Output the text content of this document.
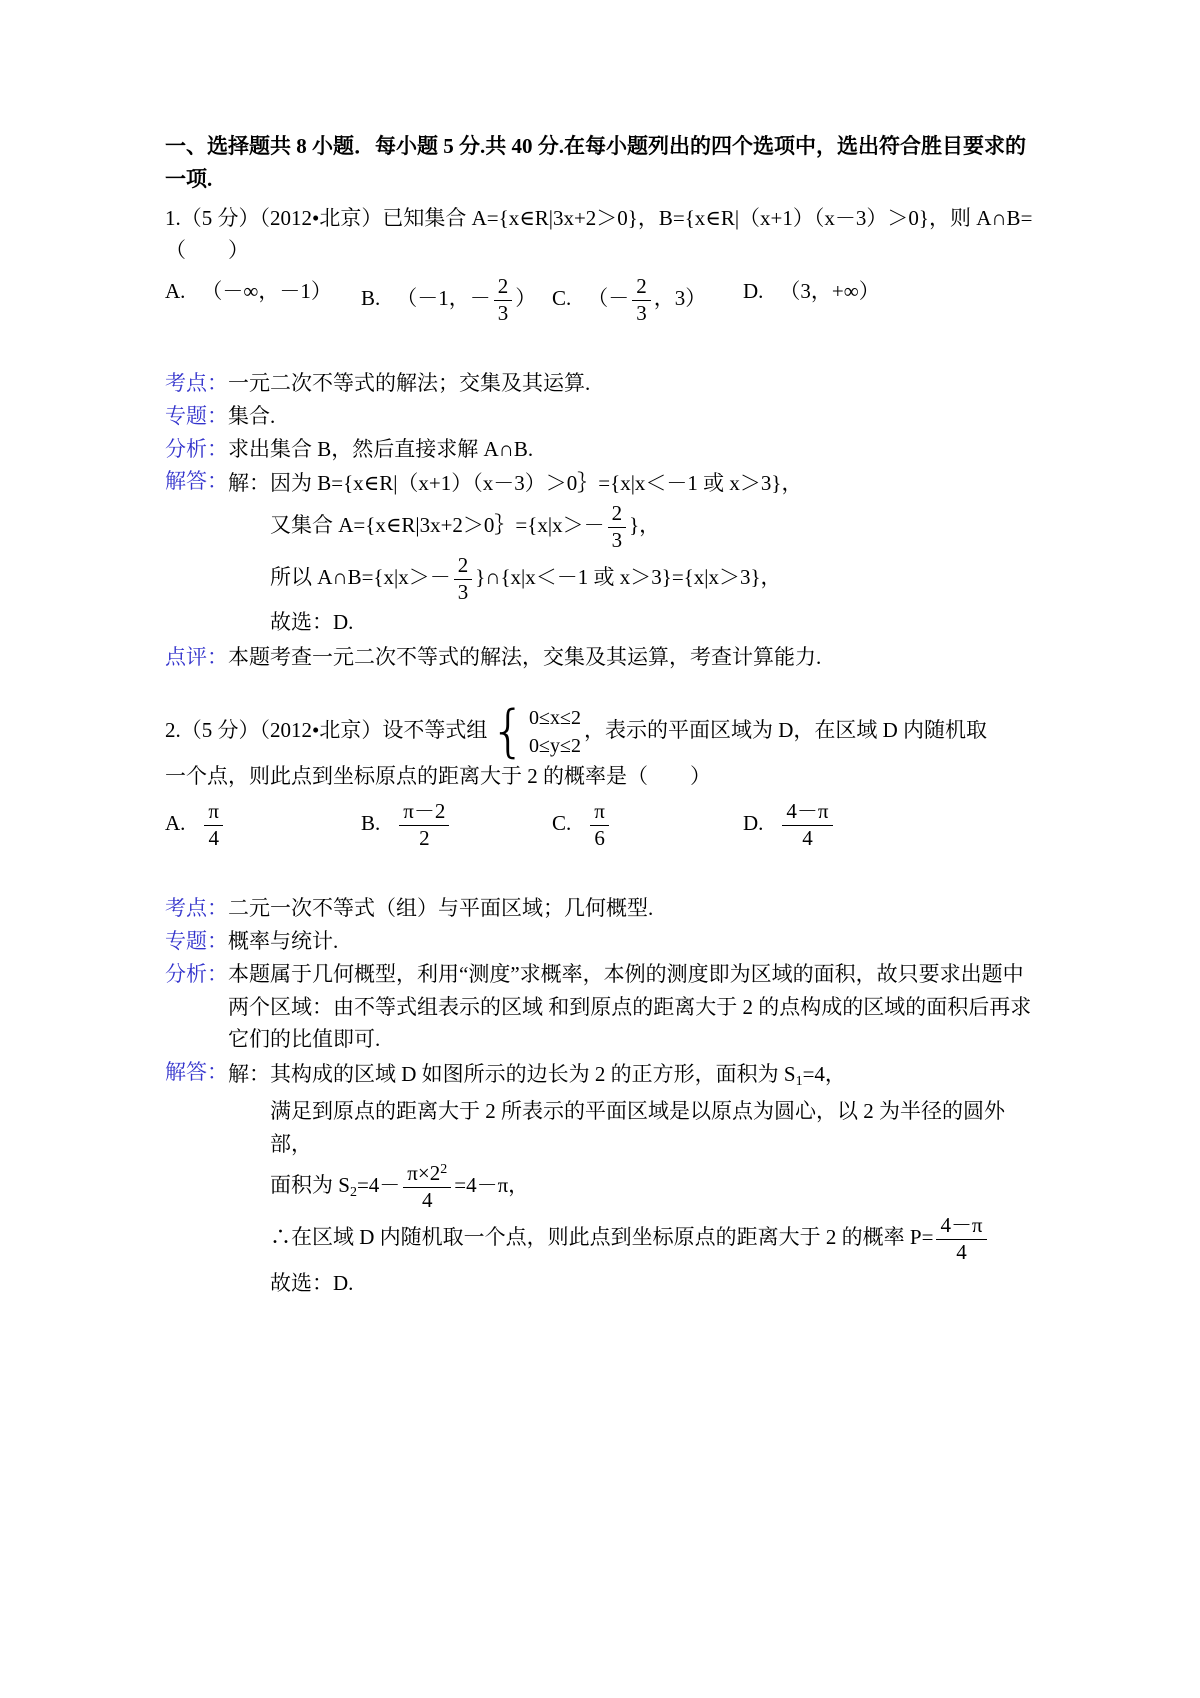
一、选择题共 8 小题．每小题 5 分.共 40 分.在每小题列出的四个选项中，选出符合胜目要求的一项.

1.（5 分）（2012•北京）已知集合 A={x∈R|3x+2＞0}，B={x∈R|（x+1）（x－3）＞0}，则 A∩B=（　　）

A. （－∞，－1）	B. （－1，－ $\frac{2}{3}$ ） C. （－ $\frac{2}{3}$ ，3）	D. （3，+∞）
考点： 一元二次不等式的解法；交集及其运算.
专题： 集合.
分析： 求出集合 B，然后直接求解 A∩B.
解答： 解：因为 B={x∈R|（x+1）（x－3）＞0｝={x|x＜－1 或 x＞3}，
又集合 A={x∈R|3x+2＞0｝={x|x＞－ $\frac{2}{3}$ }，
所以 A∩B={x|x＞－ $\frac{2}{3}$ }∩{x|x＜－1 或 x＞3}={x|x＞3}，
故选：D.
点评： 本题考查一元二次不等式的解法，交集及其运算，考查计算能力.
2.（5 分）（2012•北京）设不等式组 { 0≤x≤2
0≤y≤2
，表示的平面区域为 D，在区域 D 内随机取

一个点，则此点到坐标原点的距离大于 2 的概率是（　　）

A. $\frac{\pi}{4}$	B. $\frac{\pi-2}{2}$	C. $\frac{\pi}{6}$	D. $\frac{4-\pi}{4}$
考点： 二元一次不等式（组）与平面区域；几何概型.
专题： 概率与统计.
分析： 本题属于几何概型，利用“测度”求概率，本例的测度即为区域的面积，故只要求出题中两个区域：由不等式组表示的区域 和到原点的距离大于 2 的点构成的区域的面积后再求它们的比值即可.
解答： 解：其构成的区域 D 如图所示的边长为 2 的正方形，面积为 $S_1=4$，
满足到原点的距离大于 2 所表示的平面区域是以原点为圆心，以 2 为半径的圆外部，
面积为 $S_2=4- \frac{\pi\times 2^2}{4} =4-\pi$，
∴在区域 D 内随机取一个点，则此点到坐标原点的距离大于 2 的概率 $P= \frac{4-\pi}{4}$
故选：D.
